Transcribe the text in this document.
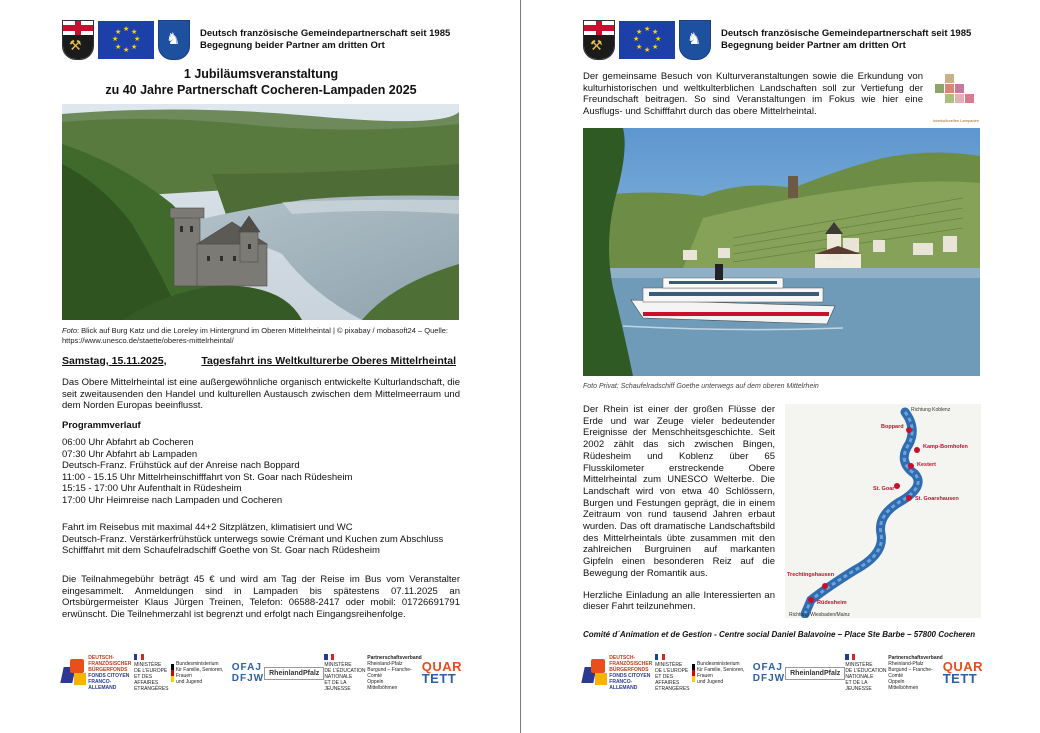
⚒
★ ★
★
★
★
★
★
★	♞ Deutsch französische Gemeindepartnerschaft seit 1985
Begegnung beider Partner am dritten Ort
1 Jubiläumsveranstaltung
zu 40 Jahre Partnerschaft Cocheren-Lampaden 2025
Foto: Blick auf Burg Katz und die Loreley im Hintergrund im Oberen Mittelrheintal | © pixabay / mobasoft24 – Quelle: https://www.unesco.de/staette/oberes-mittelrheintal/
Samstag, 15.11.2025,	Tagesfahrt ins Weltkulturerbe Oberes Mittelrheintal
Das Obere Mittelrheintal ist eine außergewöhnliche organisch entwickelte Kulturlandschaft, die seit zweitausenden den Handel und kulturellen Austausch zwischen dem Mittelmeerraum und dem Norden Europas beeinflusst.
Programmverlauf
06:00 Uhr Abfahrt ab Cocheren
07:30 Uhr Abfahrt ab Lampaden
Deutsch-Franz. Frühstück auf der Anreise nach Boppard
11:00 - 15.15 Uhr Mittelrheinschifffahrt von St. Goar nach Rüdesheim
15:15 - 17:00 Uhr Aufenthalt in Rüdesheim
17:00 Uhr Heimreise nach Lampaden und Cocheren
Fahrt im Reisebus mit maximal 44+2 Sitzplätzen, klimatisiert und WC
Deutsch-Franz. Verstärkerfrühstück unterwegs sowie Crémant und Kuchen zum Abschluss
Schifffahrt mit dem Schaufelradschiff Goethe von St. Goar nach Rüdesheim
Die Teilnahmegebühr beträgt 45 € und wird am Tag der Reise im Bus vom Veranstalter eingesammelt. Anmeldungen sind in Lampaden bis spätestens 07.11.2025 an Ortsbürgermeister Klaus Jürgen Treinen, Telefon: 06588-2417 oder mobil: 01726691791 erwünscht. Die Teilnehmerzahl ist begrenzt und erfolgt nach Eingangsreihenfolge.
DEUTSCH-
FRANZÖSISCHER
BÜRGERFONDS
FONDS CITOYEN
FRANCO-ALLEMAND
MINISTÈRE
DE L'EUROPE
ET DES AFFAIRES
ÉTRANGÈRES
Bundesministerium
für Familie, Senioren, Frauen
und Jugend
OFAJ
DFJW RheinlandPfalz
MINISTÈRE
DE L'ÉDUCATION
NATIONALE
ET DE LA JEUNESSE
Partnerschaftsverband
Rheinland-Pfalz
Burgund – Franche-Comté
Oppeln
Mittelböhmen
QUAR
TETT
⚒
★ ★
★
★
★
★
★
★	♞ Deutsch französische Gemeindepartnerschaft seit 1985
Begegnung beider Partner am dritten Ort
Der gemeinsame Besuch von Kulturveranstaltungen sowie die Erkundung von kulturhistorischen und weltkulterblichen Landschaften soll zur Vertiefung der Freundschaft beitragen. So sind Veranstaltungen im Fokus wie hier eine Ausflugs- und Schifffahrt durch das obere Mittelrheintal.
Interkulturelles Lampaden
Foto Privat: Schaufelradschiff Goethe unterwegs auf dem oberen Mittelrhein
Der Rhein ist einer der großen Flüsse der Erde und war Zeuge vieler bedeutender Ereignisse der Menschheitsgeschichte. Seit 2002 zählt das sich zwischen Bingen, Rüdesheim und Koblenz über 65 Flusskilometer erstreckende Obere Mittelrheintal zum UNESCO Welterbe. Die Landschaft wird von etwa 40 Schlössern, Burgen und Festungen geprägt, die in einem Zeitraum von rund tausend Jahren erbaut wurden. Das oft dramatische Landschaftsbild des Mittelrheintals übte zusammen mit den zahlreichen Burgruinen auf markanten Gipfeln einen besonderen Reiz auf die Bewegung der Romantik aus.
Herzliche Einladung an alle Interessierten an dieser Fahrt teilzunehmen.
Richtung Koblenz
Boppard
Kamp-Bornhofen
Kestert
St. Goar
St. Goarshausen
Trechtingshausen
Rüdesheim
Richtung Wiesbaden/Mainz
Comité d´Animation et de Gestion - Centre social Daniel Balavoine – Place Ste Barbe – 57800 Cocheren
DEUTSCH-
FRANZÖSISCHER
BÜRGERFONDS
FONDS CITOYEN
FRANCO-ALLEMAND
MINISTÈRE
DE L'EUROPE
ET DES AFFAIRES
ÉTRANGÈRES
Bundesministerium
für Familie, Senioren, Frauen
und Jugend
OFAJ
DFJW RheinlandPfalz
MINISTÈRE
DE L'ÉDUCATION
NATIONALE
ET DE LA JEUNESSE
Partnerschaftsverband
Rheinland-Pfalz
Burgund – Franche-Comté
Oppeln
Mittelböhmen
QUAR
TETT
